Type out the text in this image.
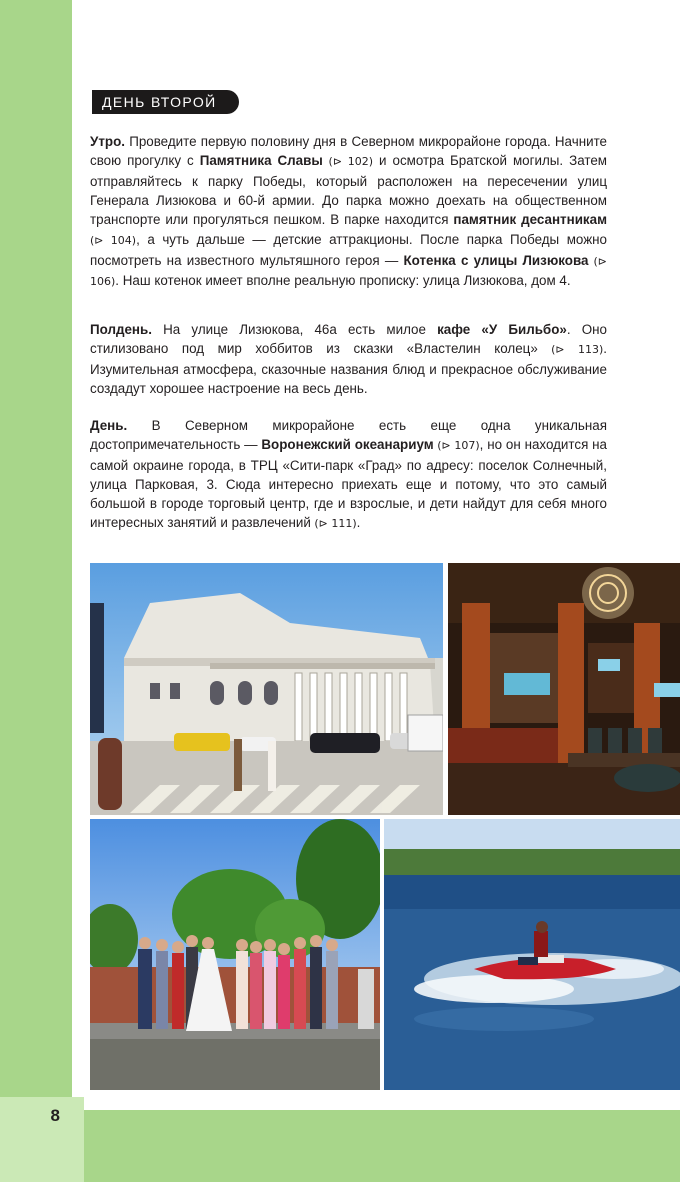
ДЕНЬ ВТОРОЙ

Утро. Проведите первую половину дня в Северном микрорайоне города. Начните свою прогулку с Памятника Славы (⊳ 102) и осмотра Братской могилы. Затем отправляйтесь к парку Победы, который расположен на пересечении улиц Генерала Лизюкова и 60-й армии. До парка можно доехать на общественном транспорте или прогуляться пешком. В парке находится памятник десантникам (⊳ 104), а чуть дальше — детские аттракционы. После парка Победы можно посмотреть на известного мультяшного героя — Котенка с улицы Лизюкова (⊳ 106). Наш котенок имеет вполне реальную прописку: улица Лизюкова, дом 4.

Полдень. На улице Лизюкова, 46а есть милое кафе «У Бильбо». Оно стилизовано под мир хоббитов из сказки «Властелин колец» (⊳ 113). Изумительная атмосфера, сказочные названия блюд и прекрасное обслуживание создадут хорошее настроение на весь день.

День. В Северном микрорайоне есть еще одна уникальная достопримечательность — Воронежский океанариум (⊳ 107), но он находится на самой окраине города, в ТРЦ «Сити-парк «Град» по адресу: поселок Солнечный, улица Парковая, 3. Сюда интересно приехать еще и потому, что это самый большой в городе торговый центр, где и взрослые, и дети найдут для себя много интересных занятий и развлечений (⊳ 111).

8
